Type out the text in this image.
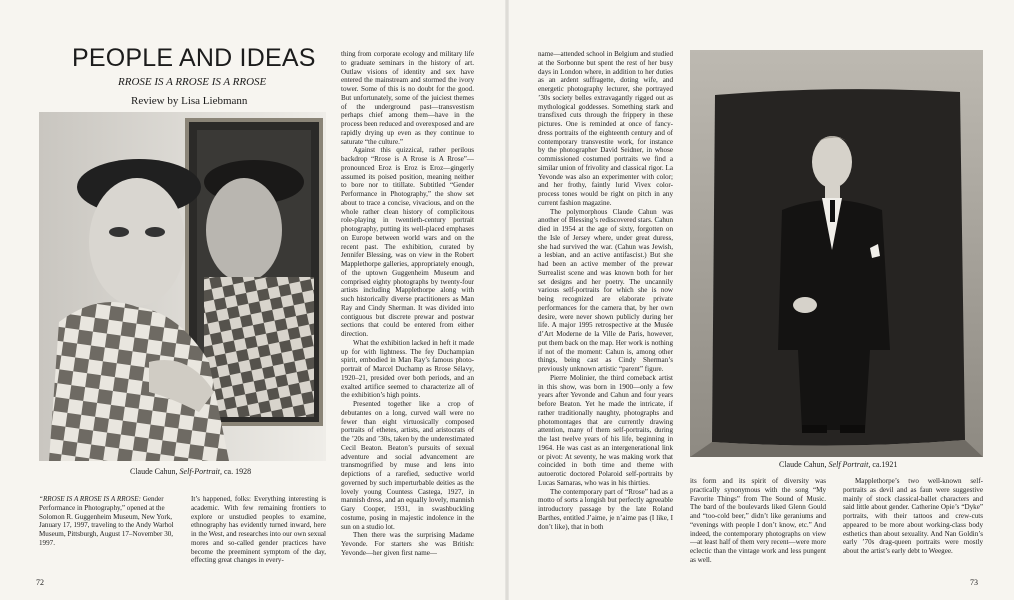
PEOPLE AND IDEAS
RROSE IS A RROSE IS A RROSE
Review by Lisa Liebmann
Claude Cahun, Self-Portrait, ca. 1928
“RROSE IS A RROSE IS A RROSE: Gender Performance in Photography,” opened at the Solomon R. Guggenheim Museum, New York, January 17, 1997, traveling to the Andy Warhol Museum, Pittsburgh, August 17–November 30, 1997.

It’s happened, folks: Everything interesting is academic. With few remaining frontiers to explore or unstudied peoples to examine, ethnography has evidently turned inward, here in the West, and researches into our own sexual mores and so-called gender practices have become the preeminent symptom of the day, effecting great changes in every-

thing from corporate ecology and military life to graduate seminars in the history of art. Outlaw visions of identity and sex have entered the mainstream and stormed the ivory tower. Some of this is no doubt for the good. But unfortunately, some of the juiciest themes of the underground past—transvestism perhaps chief among them—have in the process been reduced and overexposed and are rapidly drying up even as they continue to saturate “the culture.”

Against this quizzical, rather perilous backdrop “Rrose is A Rrose is A Rrose”—pronounced Eroz is Eroz is Eroz—gingerly assumed its poised position, meaning neither to bore nor to titillate. Subtitled “Gender Performance in Photography,” the show set about to trace a concise, vivacious, and on the whole rather clean history of complicitous role-playing in twentieth-century portrait photography, putting its well-placed emphases on Europe between world wars and on the recent past. The exhibition, curated by Jennifer Blessing, was on view in the Robert Mapplethorpe galleries, appropriately enough, of the uptown Guggenheim Museum and comprised eighty photographs by twenty-four artists including Mapplethorpe along with such historically diverse practitioners as Man Ray and Cindy Sherman. It was divided into contiguous but discrete prewar and postwar sections that could be entered from either direction.

What the exhibition lacked in heft it made up for with lightness. The fey Duchampian spirit, embodied in Man Ray’s famous photo-portrait of Marcel Duchamp as Rrose Sélavy, 1920–21, presided over both periods, and an exalted artifice seemed to characterize all of the exhibition’s high points.

Presented together like a crop of debutantes on a long, curved wall were no fewer than eight virtuosically composed portraits of ethetes, artists, and aristocrats of the ’20s and ’30s, taken by the underestimated Cecil Beaton. Beaton’s pursuits of sexual adventure and social advancement are transmogrified by muse and lens into depictions of a rarefied, seductive world governed by such imperturbable deities as the lovely young Countess Castega, 1927, in mannish dress, and an equally lovely, mannish Gary Cooper, 1931, in swashbuckling costume, posing in majestic indolence in the sun on a studio lot.

Then there was the surprising Madame Yevonde. For starters she was British: Yevonde—her given first name—

72

name—attended school in Belgium and studied at the Sorbonne but spent the rest of her busy days in London where, in addition to her duties as an ardent suffragette, doting wife, and energetic photography lecturer, she portrayed ’30s society belles extravagantly rigged out as mythological goddesses. Something stark and transfixed cuts through the frippery in these pictures. One is reminded at once of fancy-dress portraits of the eighteenth century and of contemporary transvestite work, for instance by the photographer David Seidner, in whose commissioned costumed portraits we find a similar union of frivolity and classical rigor. La Yevonde was also an experimenter with color; and her frothy, faintly lurid Vivex color-process tones would be right on pitch in any current fashion magazine.

The polymorphous Claude Cahun was another of Blessing’s rediscovered stars. Cahun died in 1954 at the age of sixty, forgotten on the Isle of Jersey where, under great duress, she had survived the war. (Cahun was Jewish, a lesbian, and an active antifascist.) But she had been an active member of the prewar Surrealist scene and was known both for her set designs and her poetry. The uncannily various self-portraits for which she is now being recognized are elaborate private performances for the camera that, by her own desire, were never shown publicly during her life. A major 1995 retrospective at the Musée d’Art Moderne de la Ville de Paris, however, put them back on the map. Her work is nothing if not of the moment: Cahun is, among other things, being cast as Cindy Sherman’s previously unknown artistic “parent” figure.

Pierre Molinier, the third comeback artist in this show, was born in 1900—only a few years after Yevonde and Cahun and four years before Beaton. Yet he made the intricate, if rather traditionally naughty, photographs and photomontages that are currently drawing attention, many of them self-portraits, during the last twelve years of his life, beginning in 1964. He was cast as an intergenerational link or pivot: At seventy, he was making work that coincided in both time and theme with autoerotic doctored Polaroid self-portraits by Lucas Samaras, who was in his thirties.

The contemporary part of “Rrose” had as a motto of sorts a longish but perfectly agreeable introductory passage by the late Roland Barthes, entitled J’aime, je n’aime pas (I like, I don’t like), that in both

Claude Cahun, Self Portrait, ca.1921

its form and its spirit of diversity was practically synonymous with the song “My Favorite Things” from The Sound of Music. The bard of the boulevards liked Glenn Gould and “too-cold beer,” didn’t like geraniums and “evenings with people I don’t know, etc.” And indeed, the contemporary photographs on view—at least half of them very recent—were more eclectic than the vintage work and less pungent as well.

Mapplethorpe’s two well-known self-portraits as devil and as faun were suggestive mainly of stock classical-ballet characters and said little about gender. Catherine Opie’s “Dyke” portraits, with their tattoos and crew-cuts appeared to be more about working-class body esthetics than about sexuality. And Nan Goldin’s early ’70s drag-queen portraits were mostly about the artist’s early debt to Weegee.

73
